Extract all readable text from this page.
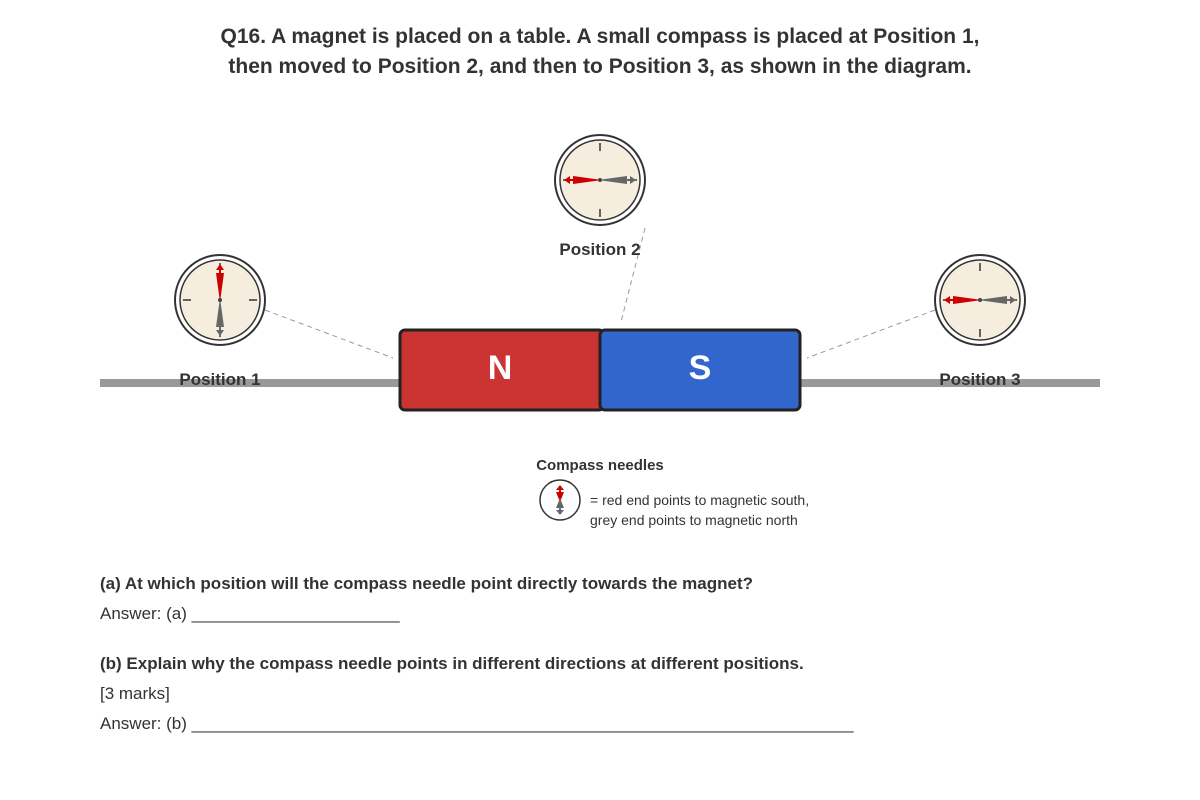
Q16. A magnet is placed on a table. A small compass is placed at Position 1,
then moved to Position 2, and then to Position 3, as shown in the diagram.
N	S
Position 1
Position 2
Position 3
Compass needles
= red end points to magnetic south,
grey end points to magnetic north
(a) At which position will the compass needle point directly towards the magnet?
Answer: (a) ______________________
(b) Explain why the compass needle points in different directions at different positions.
[3 marks]
Answer: (b) ______________________________________________________________________
